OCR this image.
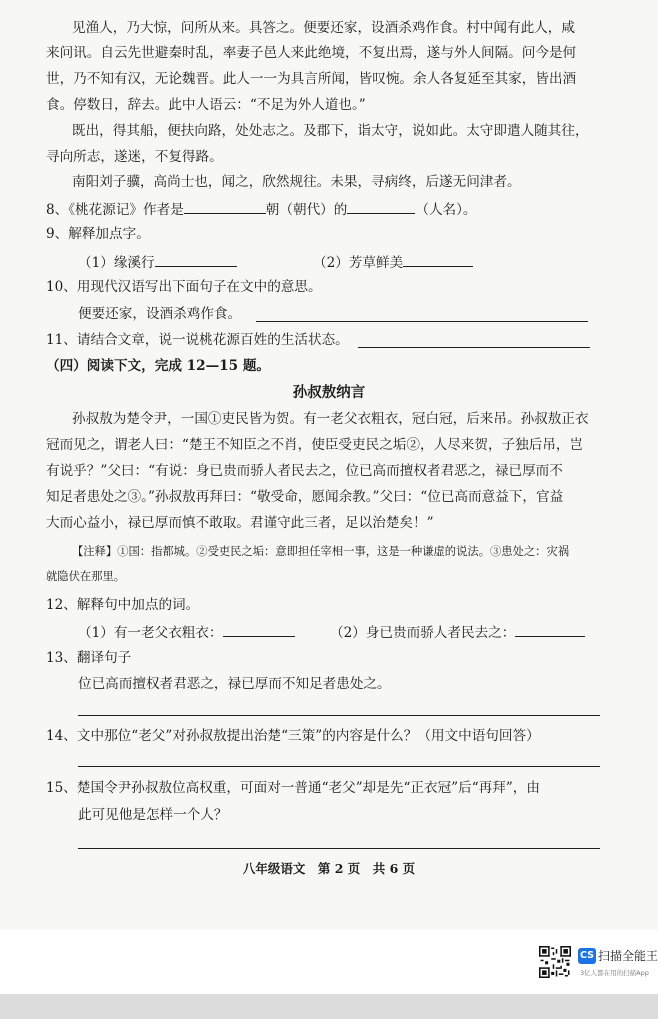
见渔人，乃大惊，问所从来。具答之。便要还家，设酒杀鸡作食。村中闻有此人，咸
来问讯。自云先世避秦时乱，率妻子邑人来此绝境，不复出焉，遂与外人间隔。问今是何
世，乃不知有汉，无论魏晋。此人一一为具言所闻，皆叹惋。余人各复延至其家，皆出酒
食。停数日，辞去。此中人语云：“不足为外人道也。”
既出，得其船，便扶向路，处处志之。及郡下，诣太守，说如此。太守即遣人随其往，
寻向所志，遂迷，不复得路。
南阳刘子骥，高尚士也，闻之，欣然规往。未果，寻病终，后遂无问津者。
8、《桃花源记》作者是	朝（朝代）的	（人名）。
9、解释加点字。
（1）缘溪行	（2）芳草鲜美
10、用现代汉语写出下面句子在文中的意思。
便要还家，设酒杀鸡作食。
11、请结合文章，说一说桃花源百姓的生活状态。
（四）阅读下文，完成 12—15 题。
孙叔敖纳言
孙叔敖为楚令尹，一国①吏民皆为贺。有一老父衣粗衣，冠白冠，后来吊。孙叔敖正衣
冠而见之，谓老人曰：“楚王不知臣之不肖，使臣受吏民之垢②，人尽来贺，子独后吊，岂
有说乎？”父曰：“有说：身已贵而骄人者民去之，位已高而擅权者君恶之，禄已厚而不
知足者患处之③。”孙叔敖再拜曰：“敬受命，愿闻余教。”父曰：“位已高而意益下，官益
大而心益小，禄已厚而慎不敢取。君谨守此三者，足以治楚矣！”
【注释】①国：指都城。②受吏民之垢：意即担任宰相一事，这是一种谦虚的说法。③患处之：灾祸
就隐伏在那里。
12、解释句中加点的词。
（1）有一老父衣粗衣：	（2）身已贵而骄人者民去之：
13、翻译句子
位已高而擅权者君恶之，禄已厚而不知足者患处之。
14、文中那位“老父”对孙叔敖提出治楚“三策”的内容是什么？（用文中语句回答）
15、楚国令尹孙叔敖位高权重，可面对一普通“老父”却是先“正衣冠”后“再拜”，由
此可见他是怎样一个人？
八年级语文　第 2 页　共 6 页
CS 扫描全能王
3亿人都在用的扫描App
